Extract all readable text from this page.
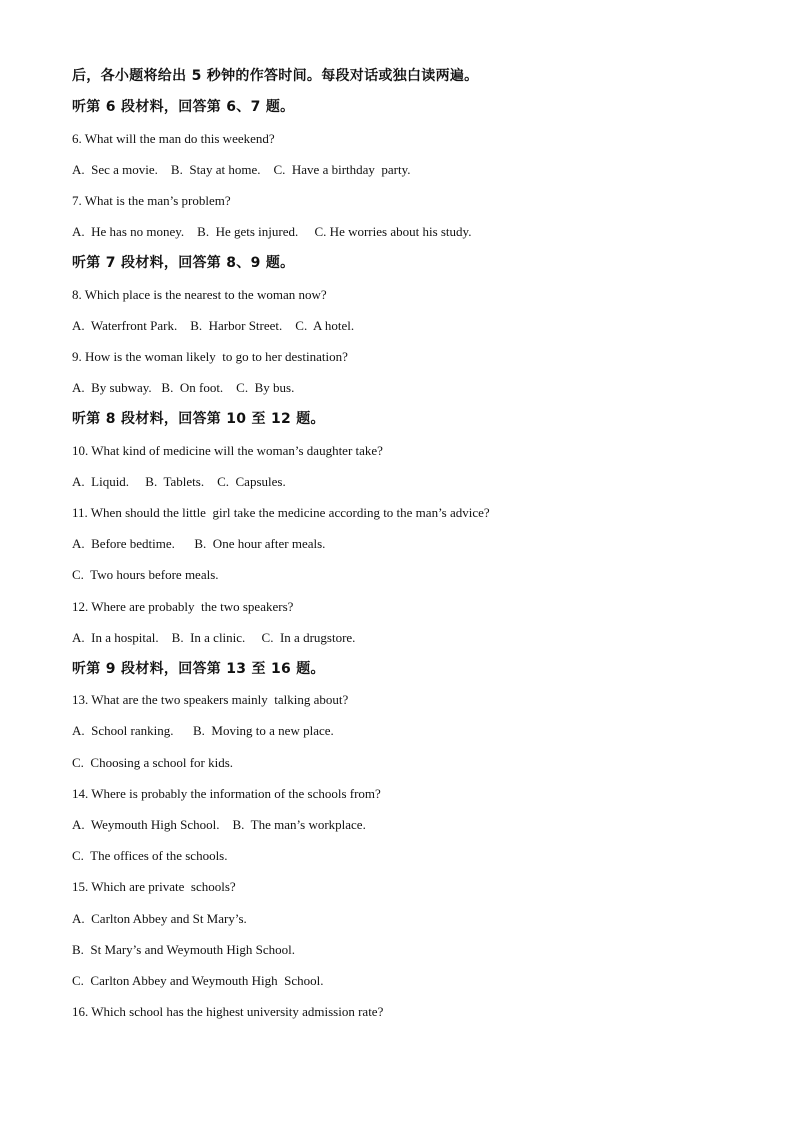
后，各小题将给出 5 秒钟的作答时间。每段对话或独白读两遍。
听第 6 段材料，回答第 6、7 题。
6. What will the man do this weekend?
A.  Sec a movie.    B.  Stay at home.    C.  Have a birthday  party.
7. What is the man’s problem?
A.  He has no money.    B.  He gets injured.     C. He worries about his study.
听第 7 段材料，回答第 8、9 题。
8. Which place is the nearest to the woman now?
A.  Waterfront Park.    B.  Harbor Street.    C.  A hotel.
9. How is the woman likely  to go to her destination?
A.  By subway.   B.  On foot.    C.  By bus.
听第 8 段材料，回答第 10 至 12 题。
10. What kind of medicine will the woman’s daughter take?
A.  Liquid.     B.  Tablets.    C.  Capsules.
11. When should the little  girl take the medicine according to the man’s advice?
A.  Before bedtime.      B.  One hour after meals.
C.  Two hours before meals.
12. Where are probably  the two speakers?
A.  In a hospital.    B.  In a clinic.     C.  In a drugstore.
听第 9 段材料，回答第 13 至 16 题。
13. What are the two speakers mainly  talking about?
A.  School ranking.      B.  Moving to a new place.
C.  Choosing a school for kids.
14. Where is probably the information of the schools from?
A.  Weymouth High School.    B.  The man’s workplace.
C.  The offices of the schools.
15. Which are private  schools?
A.  Carlton Abbey and St Mary’s.
B.  St Mary’s and Weymouth High School.
C.  Carlton Abbey and Weymouth High  School.
16. Which school has the highest university admission rate?
